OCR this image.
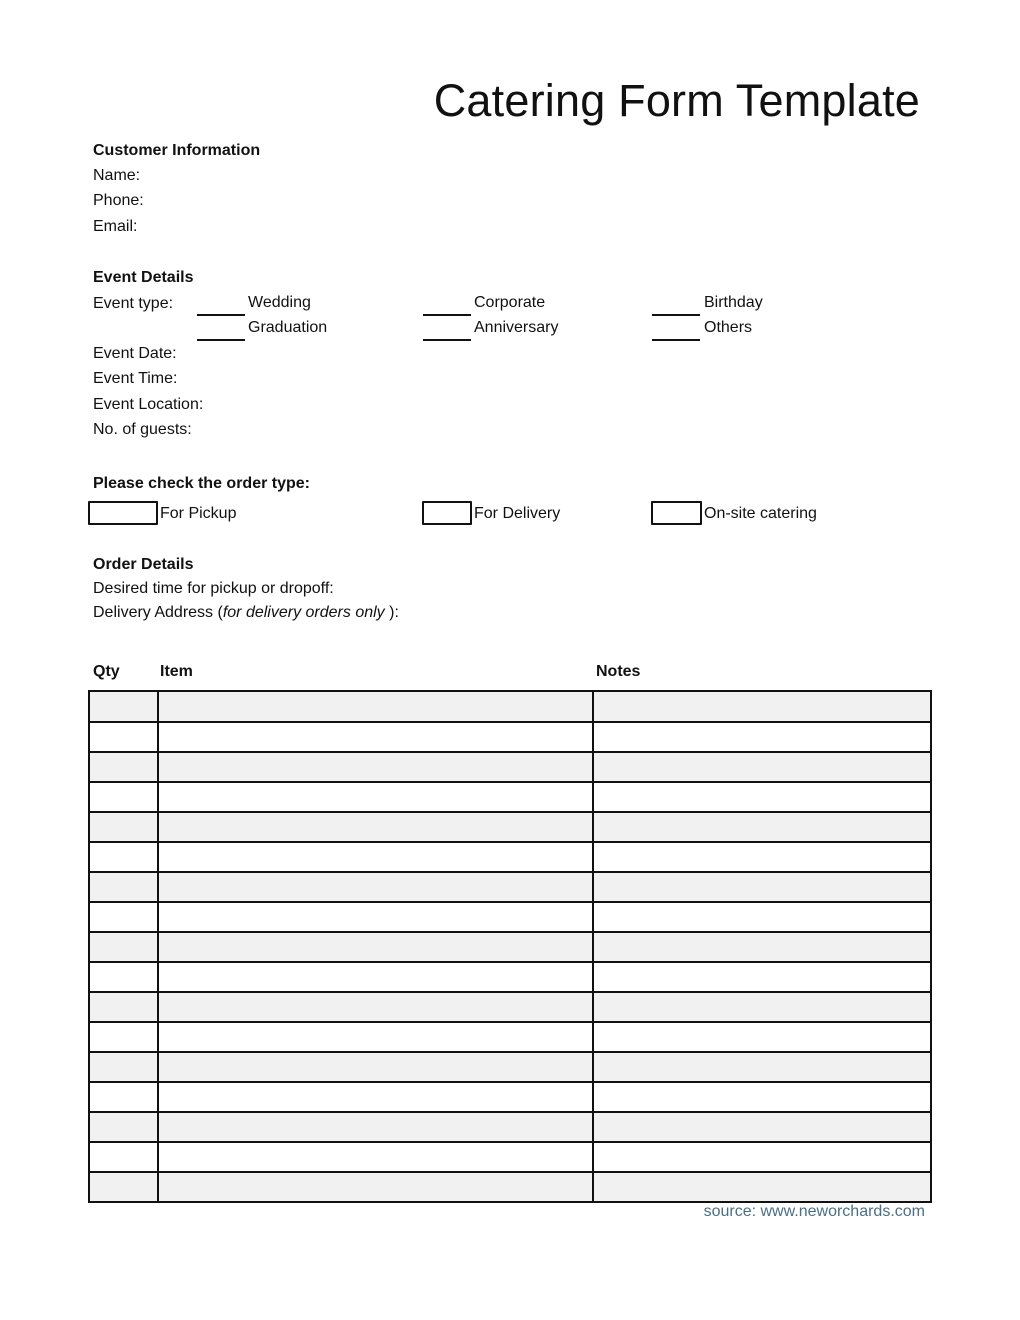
Catering Form Template
Customer Information
Name:
Phone:
Email:
Event Details
Event type:	Wedding	Corporate	Birthday
Graduation	Anniversary	Others
Event Date:
Event Time:
Event Location:
No. of guests:
Please check the order type:
For Pickup	For Delivery	On-site catering
Order Details
Desired time for pickup or dropoff:
Delivery Address (for delivery orders only ):
Qty	Item	Notes

source: www.neworchards.com
